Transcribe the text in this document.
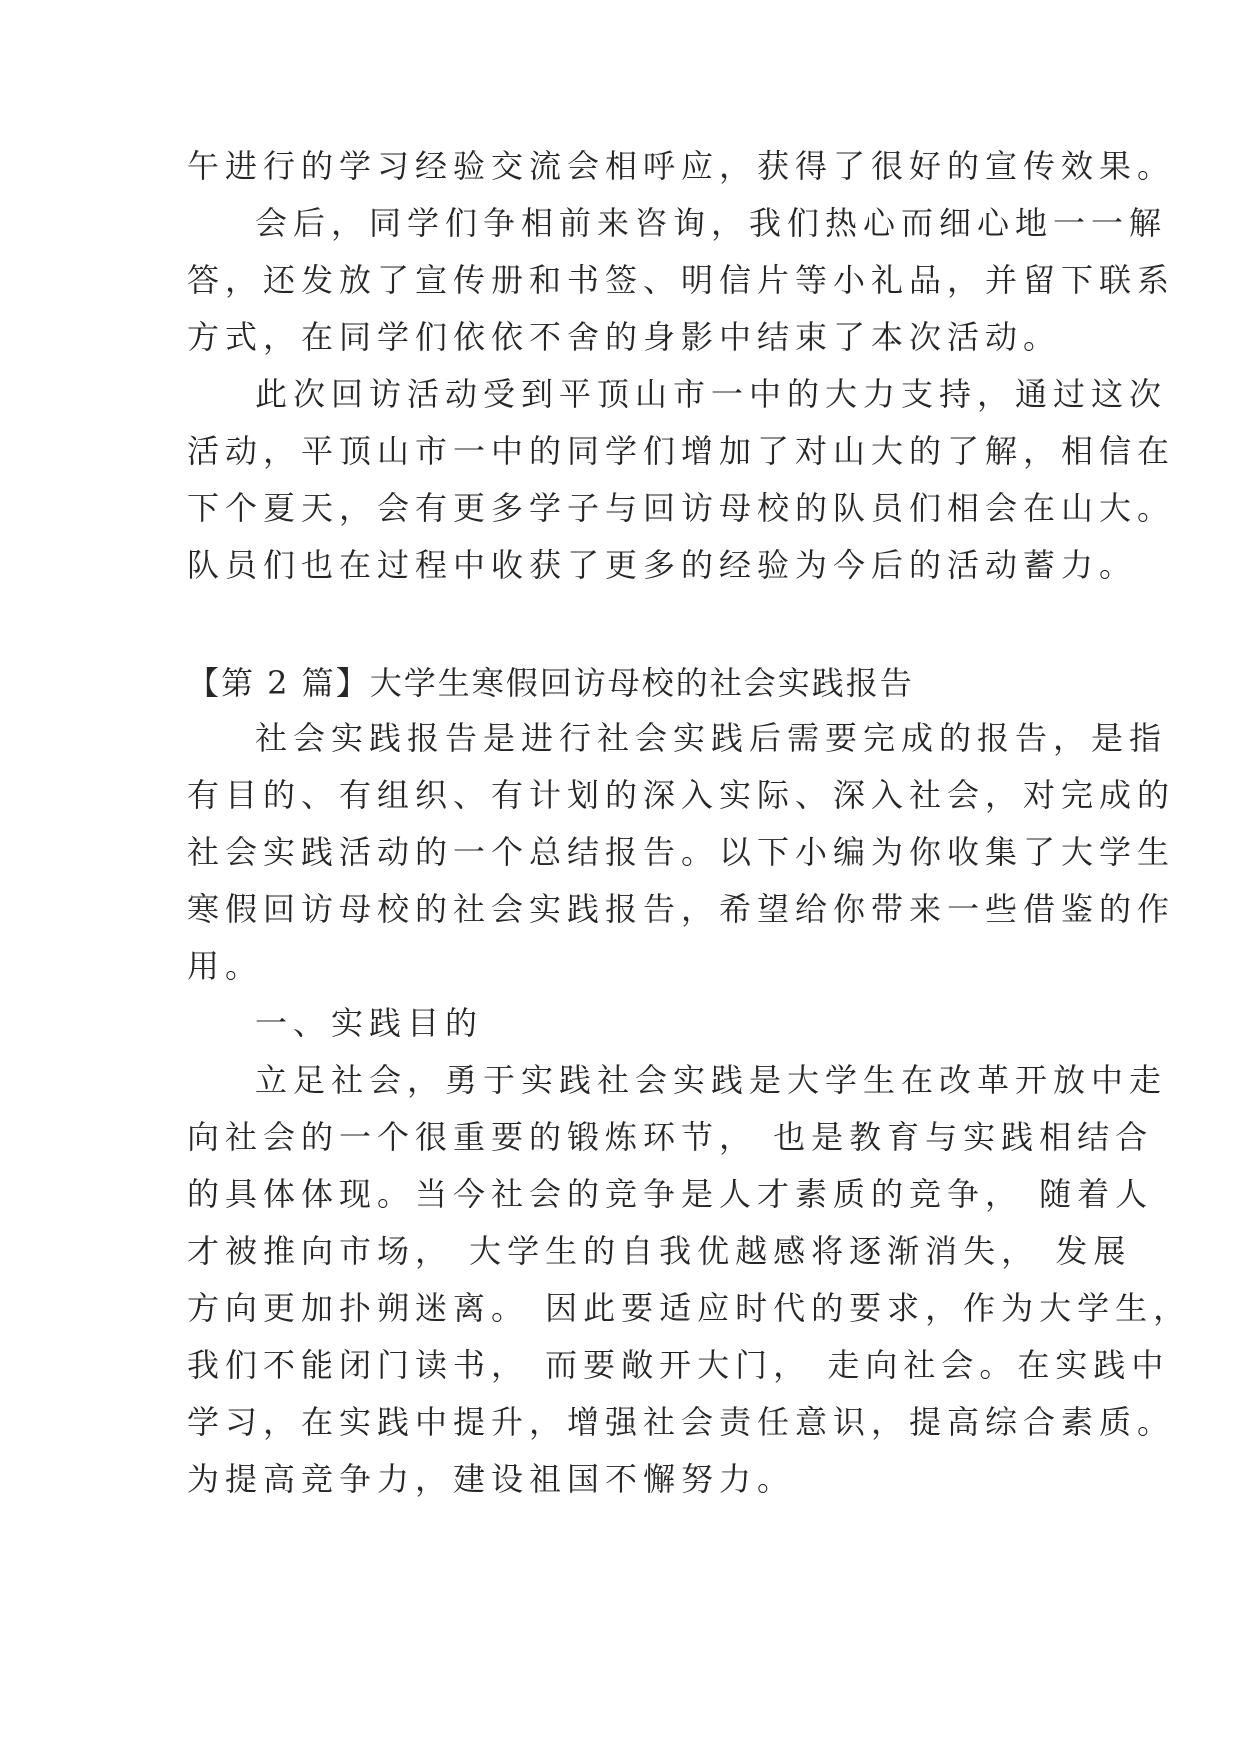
午进行的学习经验交流会相呼应，获得了很好的宣传效果。
会后，同学们争相前来咨询，我们热心而细心地一一解
答，还发放了宣传册和书签、明信片等小礼品，并留下联系
方式，在同学们依依不舍的身影中结束了本次活动。
此次回访活动受到平顶山市一中的大力支持，通过这次
活动，平顶山市一中的同学们增加了对山大的了解，相信在
下个夏天，会有更多学子与回访母校的队员们相会在山大。
队员们也在过程中收获了更多的经验为今后的活动蓄力。
【第 2 篇】大学生寒假回访母校的社会实践报告
社会实践报告是进行社会实践后需要完成的报告，是指
有目的、有组织、有计划的深入实际、深入社会，对完成的
社会实践活动的一个总结报告。以下小编为你收集了大学生
寒假回访母校的社会实践报告，希望给你带来一些借鉴的作
用。
一、实践目的
立足社会，勇于实践社会实践是大学生在改革开放中走
向社会的一个很重要的锻炼环节， 也是教育与实践相结合
的具体体现。当今社会的竞争是人才素质的竞争， 随着人
才被推向市场， 大学生的自我优越感将逐渐消失， 发展
方向更加扑朔迷离。 因此要适应时代的要求，作为大学生，
我们不能闭门读书， 而要敞开大门， 走向社会。在实践中
学习，在实践中提升，增强社会责任意识，提高综合素质。
为提高竞争力，建设祖国不懈努力。
